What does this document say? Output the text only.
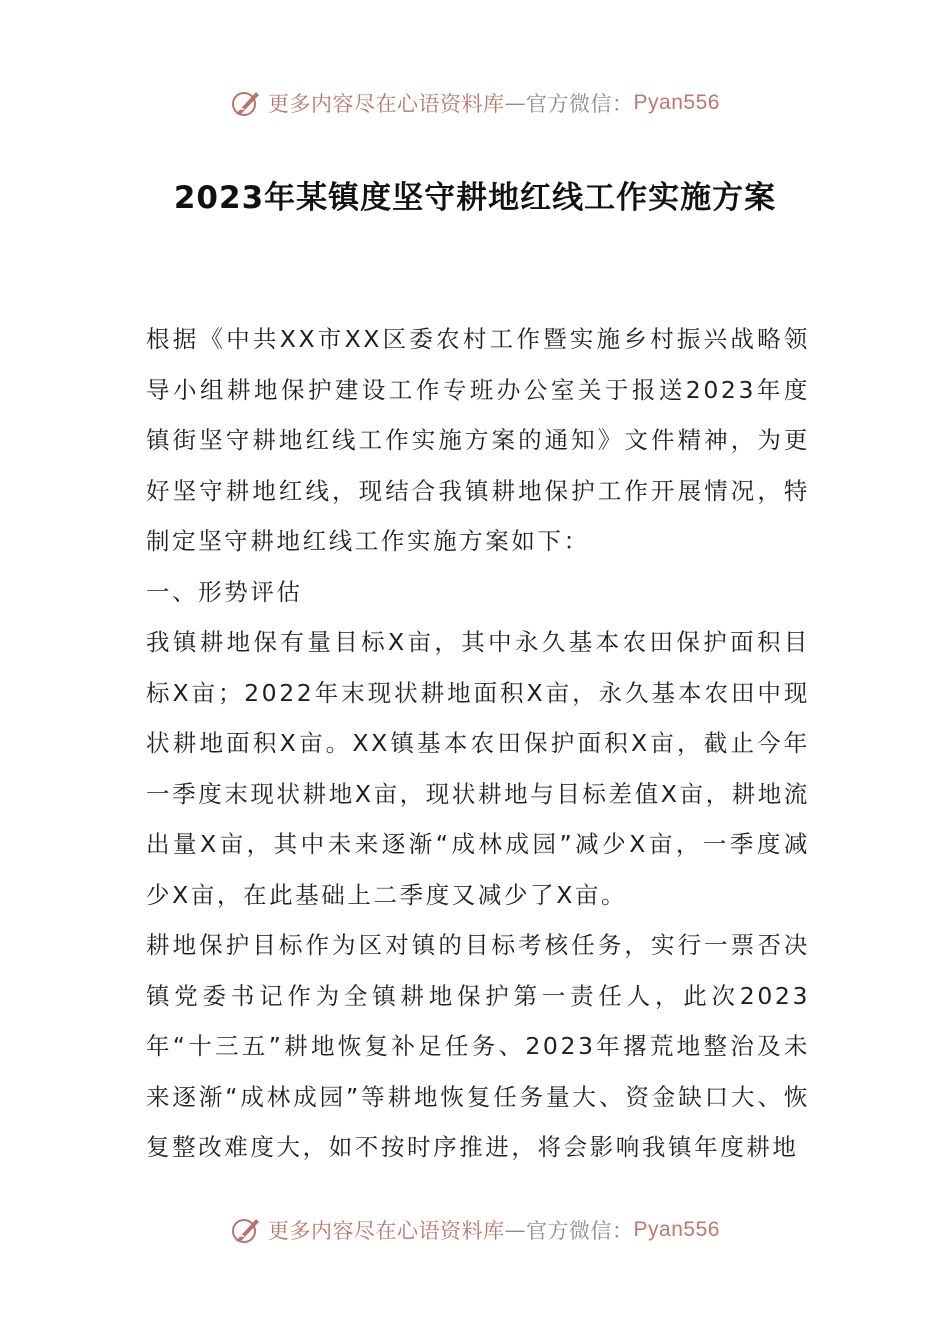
更多内容尽在心语资料库 — 官方微信： Pyan556
2023年某镇度坚守耕地红线工作实施方案

根据《中共XX市XX区委农村工作暨实施乡村振兴战略领导小组耕地保护建设工作专班办公室关于报送2023年度镇街坚守耕地红线工作实施方案的通知》文件精神，为更好坚守耕地红线，现结合我镇耕地保护工作开展情况，特制定坚守耕地红线工作实施方案如下：

一、形势评估

我镇耕地保有量目标X亩，其中永久基本农田保护面积目标X亩；2022年末现状耕地面积X亩，永久基本农田中现状耕地面积X亩。XX镇基本农田保护面积X亩，截止今年一季度末现状耕地X亩，现状耕地与目标差值X亩，耕地流出量X亩，其中未来逐渐“成林成园”减少X亩，一季度减少X亩，在此基础上二季度又减少了X亩。

耕地保护目标作为区对镇的目标考核任务，实行一票否决镇党委书记作为全镇耕地保护第一责任人，此次2023年“十三五”耕地恢复补足任务、2023年撂荒地整治及未来逐渐“成林成园”等耕地恢复任务量大、资金缺口大、恢复整改难度大，如不按时序推进，将会影响我镇年度耕地

更多内容尽在心语资料库 — 官方微信： Pyan556
